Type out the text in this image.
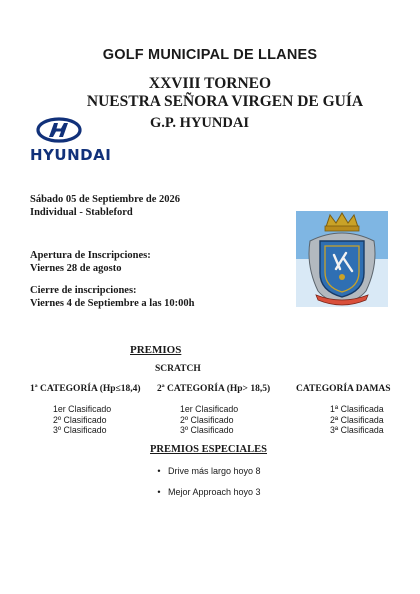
GOLF MUNICIPAL DE LLANES
XXVIII TORNEO
NUESTRA SEÑORA VIRGEN DE GUÍA
G.P. HYUNDAI
HYUNDAI
Sábado 05 de Septiembre de 2026
Individual - Stableford
Apertura de Inscripciones:
Viernes 28 de agosto
Cierre de inscripciones:
Viernes 4 de Septiembre a las 10:00h
PREMIOS
SCRATCH
1ª CATEGORÍA (Hp≤18,4) 2ª CATEGORÍA (Hp> 18,5)	CATEGORÍA DAMAS
1er Clasificado
2º Clasificado
3º Clasificado
1er Clasificado
2º Clasificado
3º Clasificado
1ª Clasificada
2ª Clasificada
3ª Clasificada
PREMIOS ESPECIALES
• Drive más largo hoyo 8
• Mejor Approach hoyo 3
